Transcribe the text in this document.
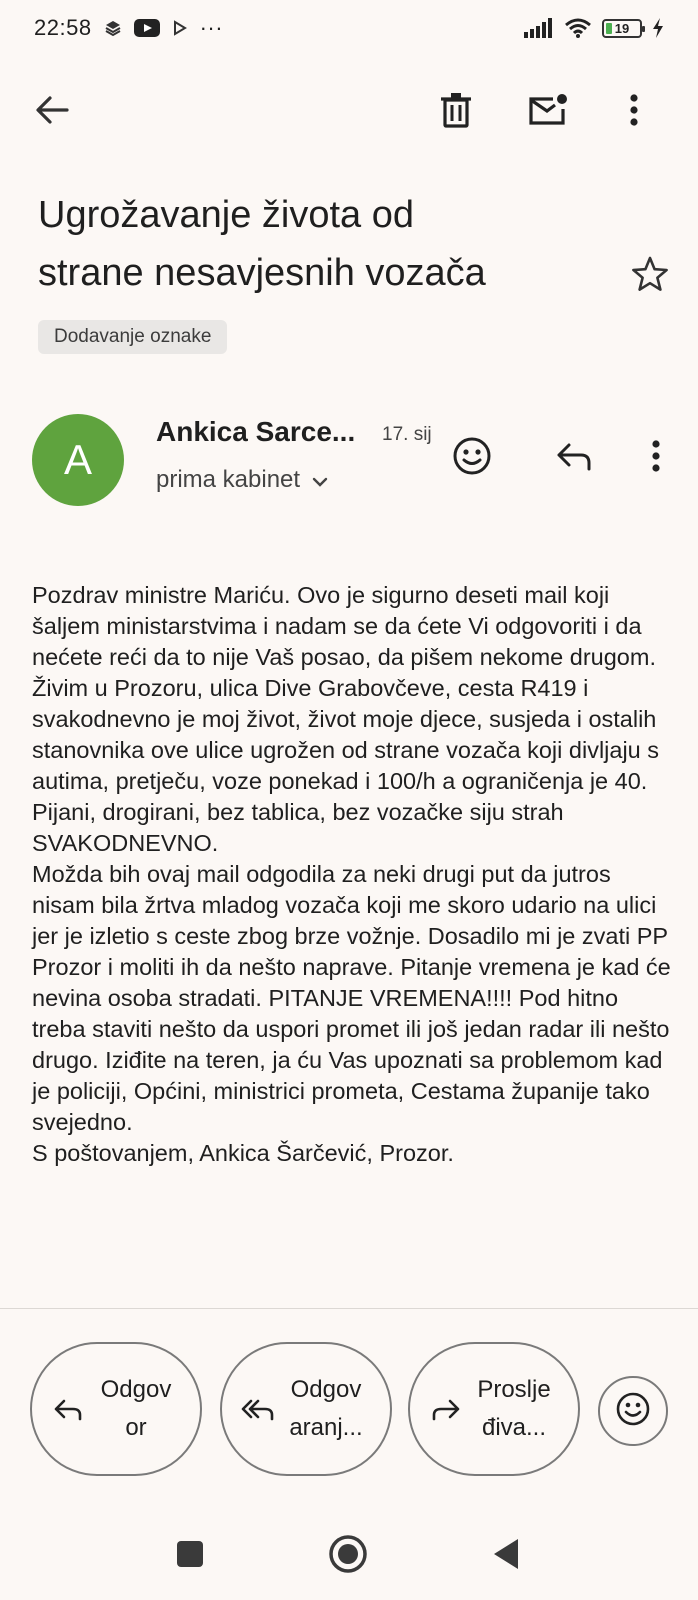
22:58	···	19
Ugrožavanje života od
strane nesavjesnih vozača
Dodavanje oznake
A
Ankica Sarce... 17. sij
prima kabinet

Pozdrav ministre Mariću. Ovo je sigurno deseti mail koji šaljem ministarstvima i nadam se da ćete Vi odgovoriti i da nećete reći da to nije Vaš posao, da pišem nekome drugom.

Živim u Prozoru, ulica Dive Grabovčeve, cesta R419 i svakodnevno je moj život, život moje djece, susjeda i ostalih stanovnika ove ulice ugrožen od strane vozača koji divljaju s autima, pretječu, voze ponekad i 100/h a ograničenja je 40. Pijani, drogirani, bez tablica, bez vozačke siju strah SVAKODNEVNO.

Možda bih ovaj mail odgodila za neki drugi put da jutros nisam bila žrtva mladog vozača koji me skoro udario na ulici jer je izletio s ceste zbog brze vožnje. Dosadilo mi je zvati PP Prozor i moliti ih da nešto naprave. Pitanje vremena je kad će nevina osoba stradati. PITANJE VREMENA!!!! Pod hitno treba staviti nešto da uspori promet ili još jedan radar ili nešto drugo. Iziđite na teren, ja ću Vas upoznati sa problemom kad je policiji, Općini, ministrici prometa, Cestama županije tako svejedno.

S poštovanjem, Ankica Šarčević, Prozor.

Odgov
or
Odgov
aranj...
Proslje
điva...
